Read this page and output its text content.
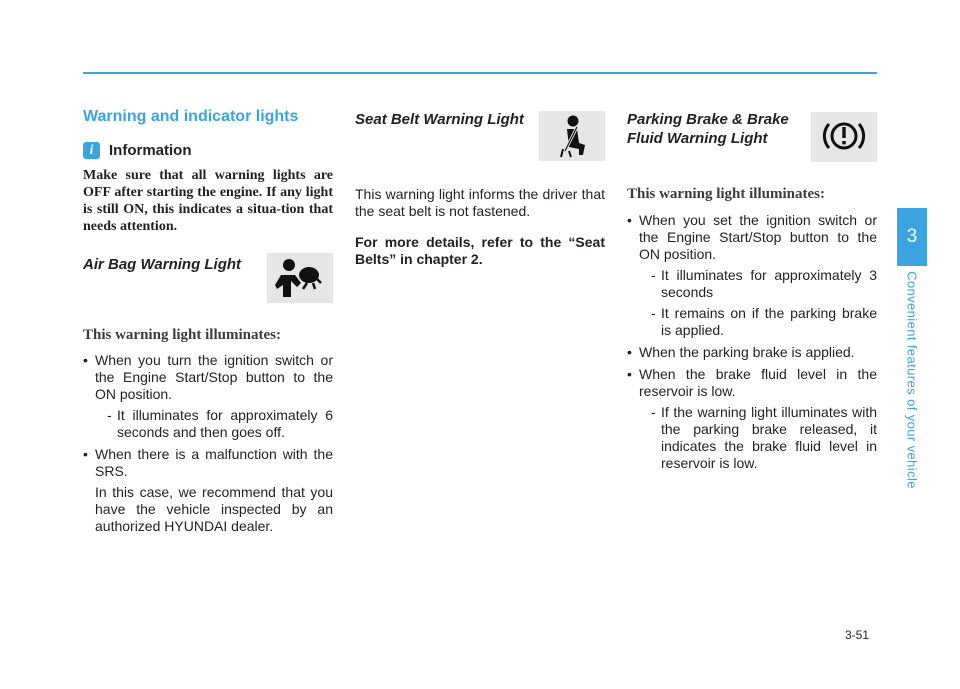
Warning and indicator lights
i	Information

Make sure that all warning lights are OFF after starting the engine. If any light is still ON, this indicates a situa-tion that needs attention.

Air Bag Warning Light

This warning light illuminates:

• When you turn the ignition switch or the Engine Start/Stop button to the ON position.
- It illuminates for approximately 6 seconds and then goes off.
• When there is a malfunction with the SRS.
In this case, we recommend that you have the vehicle inspected by an authorized HYUNDAI dealer.
Seat Belt Warning Light

This warning light informs the driver that the seat belt is not fastened.

For more details, refer to the “Seat Belts” in chapter 2.

Parking Brake & Brake
Fluid Warning Light

This warning light illuminates:

• When you set the ignition switch or the Engine Start/Stop button to the ON position.
- It illuminates for approximately 3 seconds
- It remains on if the parking brake is applied.
• When the parking brake is applied.
• When the brake fluid level in the reservoir is low.
- If the warning light illuminates with the parking brake released, it indicates the brake fluid level in reservoir is low.
3
Convenient features of your vehicle
3-51
